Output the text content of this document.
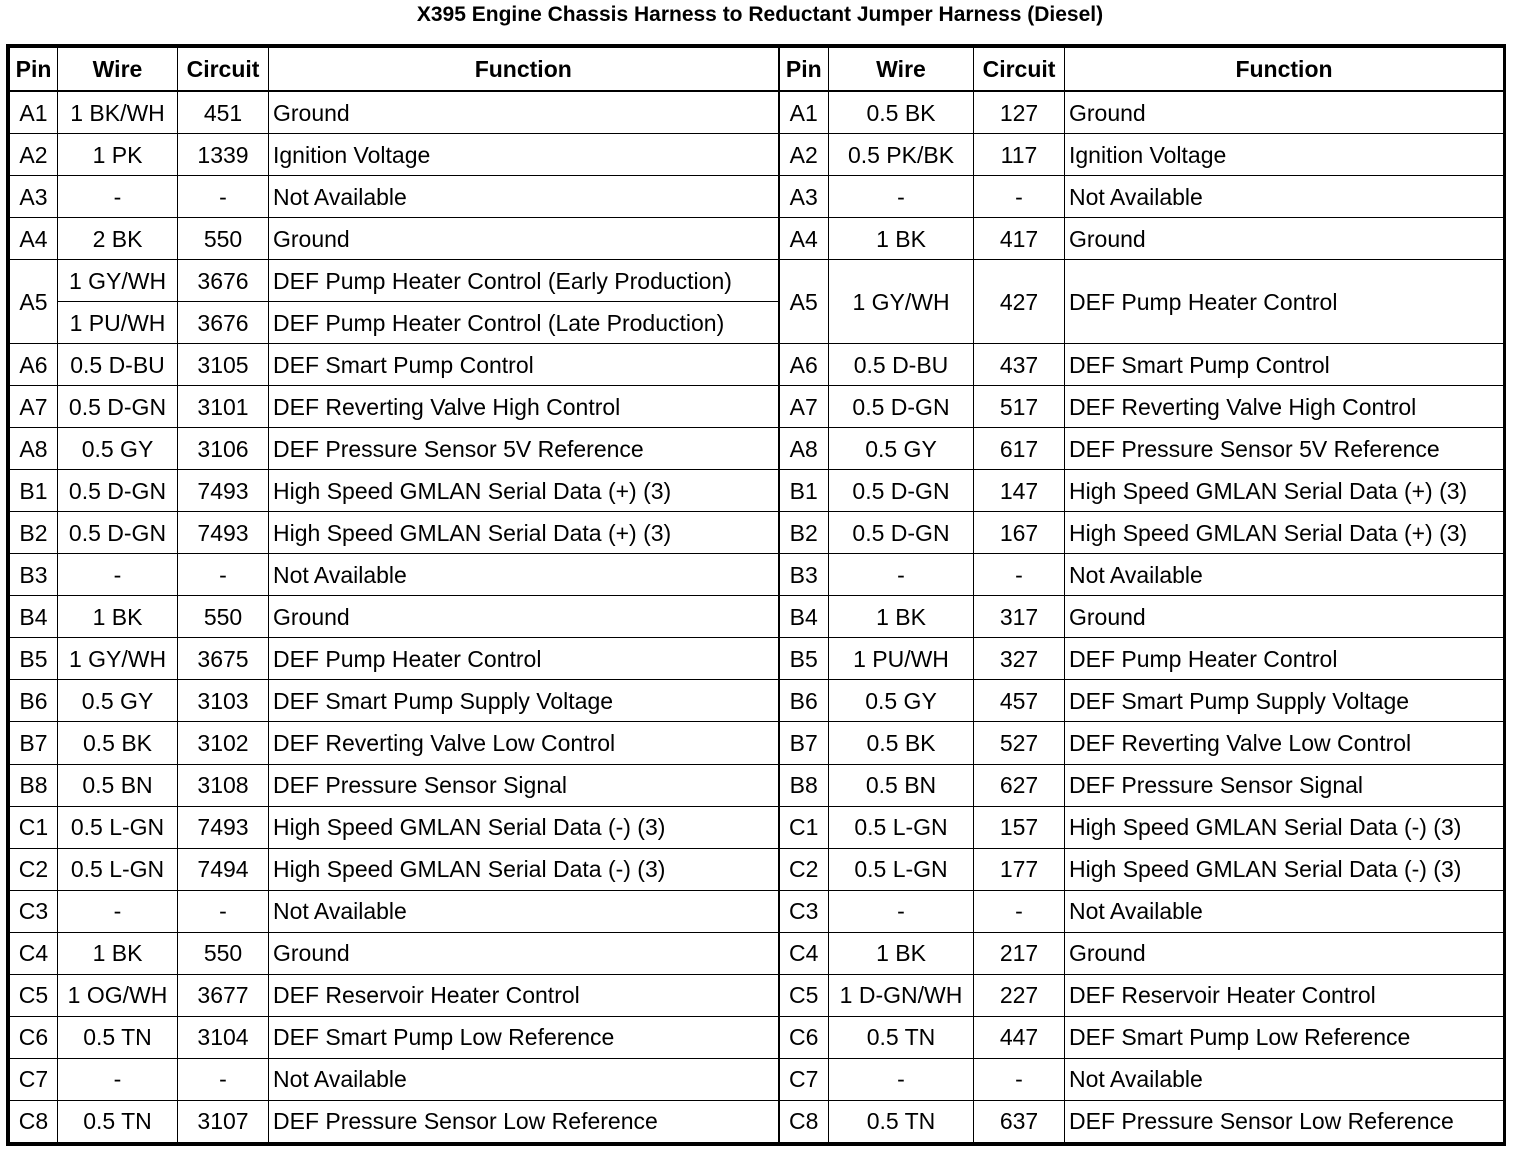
X395 Engine Chassis Harness to Reductant Jumper Harness (Diesel)
Pin	Wire	Circuit	Function	Pin	Wire	Circuit	Function
A1	1 BK/WH	451	Ground	A1	0.5 BK	127	Ground
A2	1 PK	1339	Ignition Voltage	A2	0.5 PK/BK	117	Ignition Voltage
A3	-	-	Not Available	A3	-	-	Not Available
A4	2 BK	550	Ground	A4	1 BK	417	Ground
A5	1 GY/WH	3676	DEF Pump Heater Control (Early Production)	A5	1 GY/WH	427	DEF Pump Heater Control
	1 PU/WH	3676	DEF Pump Heater Control (Late Production)				
A6	0.5 D-BU	3105	DEF Smart Pump Control	A6	0.5 D-BU	437	DEF Smart Pump Control
A7	0.5 D-GN	3101	DEF Reverting Valve High Control	A7	0.5 D-GN	517	DEF Reverting Valve High Control
A8	0.5 GY	3106	DEF Pressure Sensor 5V Reference	A8	0.5 GY	617	DEF Pressure Sensor 5V Reference
B1	0.5 D-GN	7493	High Speed GMLAN Serial Data (+) (3)	B1	0.5 D-GN	147	High Speed GMLAN Serial Data (+) (3)
B2	0.5 D-GN	7493	High Speed GMLAN Serial Data (+) (3)	B2	0.5 D-GN	167	High Speed GMLAN Serial Data (+) (3)
B3	-	-	Not Available	B3	-	-	Not Available
B4	1 BK	550	Ground	B4	1 BK	317	Ground
B5	1 GY/WH	3675	DEF Pump Heater Control	B5	1 PU/WH	327	DEF Pump Heater Control
B6	0.5 GY	3103	DEF Smart Pump Supply Voltage	B6	0.5 GY	457	DEF Smart Pump Supply Voltage
B7	0.5 BK	3102	DEF Reverting Valve Low Control	B7	0.5 BK	527	DEF Reverting Valve Low Control
B8	0.5 BN	3108	DEF Pressure Sensor Signal	B8	0.5 BN	627	DEF Pressure Sensor Signal
C1	0.5 L-GN	7493	High Speed GMLAN Serial Data (-) (3)	C1	0.5 L-GN	157	High Speed GMLAN Serial Data (-) (3)
C2	0.5 L-GN	7494	High Speed GMLAN Serial Data (-) (3)	C2	0.5 L-GN	177	High Speed GMLAN Serial Data (-) (3)
C3	-	-	Not Available	C3	-	-	Not Available
C4	1 BK	550	Ground	C4	1 BK	217	Ground
C5	1 OG/WH	3677	DEF Reservoir Heater Control	C5	1 D-GN/WH	227	DEF Reservoir Heater Control
C6	0.5 TN	3104	DEF Smart Pump Low Reference	C6	0.5 TN	447	DEF Smart Pump Low Reference
C7	-	-	Not Available	C7	-	-	Not Available
C8	0.5 TN	3107	DEF Pressure Sensor Low Reference	C8	0.5 TN	637	DEF Pressure Sensor Low Reference
